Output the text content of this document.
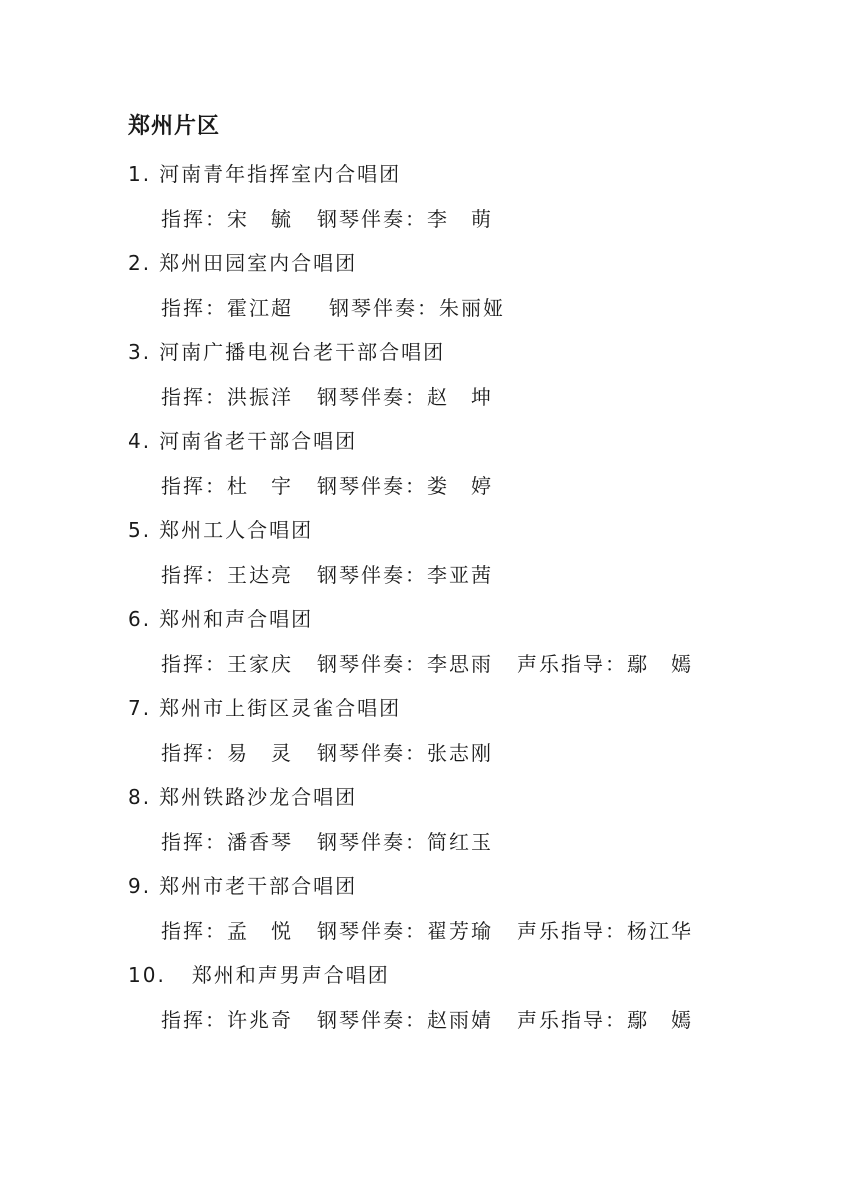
郑州片区
1. 河南青年指挥室内合唱团
指挥：宋　毓 钢琴伴奏：李　萌
2. 郑州田园室内合唱团
指挥：霍江超 钢琴伴奏：朱丽娅
3. 河南广播电视台老干部合唱团
指挥：洪振洋 钢琴伴奏：赵　坤
4. 河南省老干部合唱团
指挥：杜　宇 钢琴伴奏：娄　婷
5. 郑州工人合唱团
指挥：王达亮 钢琴伴奏：李亚茜
6. 郑州和声合唱团
指挥：王家庆 钢琴伴奏：李思雨 声乐指导：鄢　嫣
7. 郑州市上街区灵雀合唱团
指挥：易　灵 钢琴伴奏：张志刚
8. 郑州铁路沙龙合唱团
指挥：潘香琴 钢琴伴奏：简红玉
9. 郑州市老干部合唱团
指挥：孟　悦 钢琴伴奏：翟芳瑜 声乐指导：杨江华
10. 郑州和声男声合唱团
指挥：许兆奇 钢琴伴奏：赵雨婧 声乐指导：鄢　嫣
